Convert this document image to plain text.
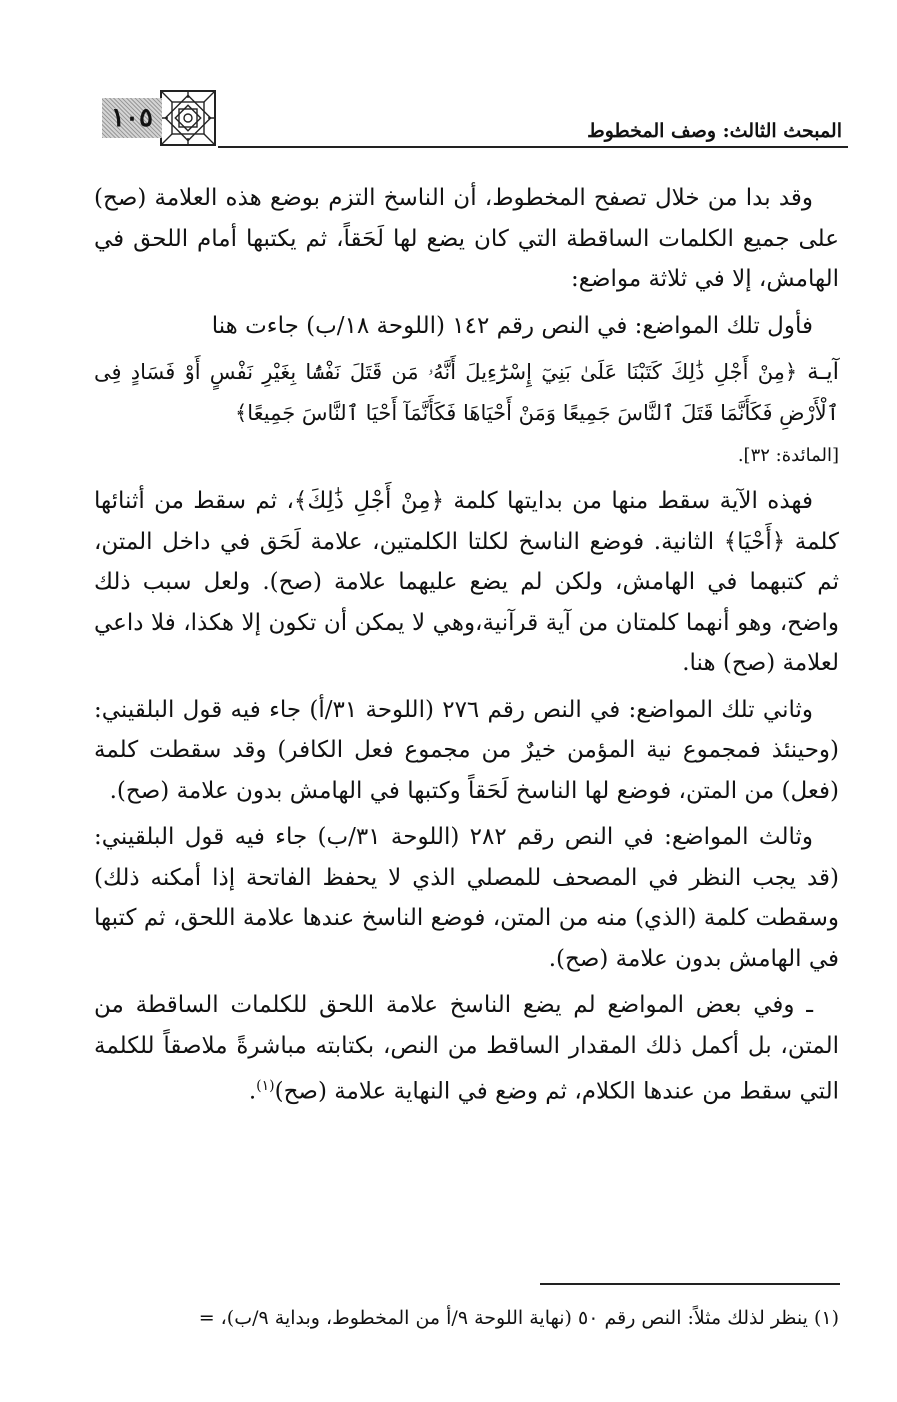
المبحث الثالث: وصف المخطوط
١٠٥

وقد بدا من خلال تصفح المخطوط، أن الناسخ التزم بوضع هذه العلامة (صح) على جميع الكلمات الساقطة التي كان يضع لها لَحَقاً، ثم يكتبها أمام اللحق في الهامش، إلا في ثلاثة مواضع:

فأول تلك المواضع: في النص رقم ١٤٢ (اللوحة ١٨/ب) جاءت هنا

آيـة ﴿مِنْ أَجْلِ ذَٰلِكَ كَتَبْنَا عَلَىٰ بَنِيٓ إِسْرَٰٓءِيلَ أَنَّهُۥ مَن قَتَلَ نَفْسًۢا بِغَيْرِ نَفْسٍ أَوْ فَسَادٍ فِى ٱلْأَرْضِ فَكَأَنَّمَا قَتَلَ ٱلنَّاسَ جَمِيعًا وَمَنْ أَحْيَاهَا فَكَأَنَّمَآ أَحْيَا ٱلنَّاسَ جَمِيعًا﴾

[المائدة: ٣٢].

فهذه الآية سقط منها من بدايتها كلمة ﴿مِنْ أَجْلِ ذَٰلِكَ﴾، ثم سقط من أثنائها كلمة ﴿أَحْيَا﴾ الثانية. فوضع الناسخ لكلتا الكلمتين، علامة لَحَق في داخل المتن، ثم كتبهما في الهامش، ولكن لم يضع عليهما علامة (صح). ولعل سبب ذلك واضح، وهو أنهما كلمتان من آية قرآنية،وهي لا يمكن أن تكون إلا هكذا، فلا داعي لعلامة (صح) هنا.

وثاني تلك المواضع: في النص رقم ٢٧٦ (اللوحة ٣١/أ) جاء فيه قول البلقيني: (وحينئذ فمجموع نية المؤمن خيرٌ من مجموع فعل الكافر) وقد سقطت كلمة (فعل) من المتن، فوضع لها الناسخ لَحَقاً وكتبها في الهامش بدون علامة (صح).

وثالث المواضع: في النص رقم ٢٨٢ (اللوحة ٣١/ب) جاء فيه قول البلقيني: (قد يجب النظر في المصحف للمصلي الذي لا يحفظ الفاتحة إذا أمكنه ذلك) وسقطت كلمة (الذي) منه من المتن، فوضع الناسخ عندها علامة اللحق، ثم كتبها في الهامش بدون علامة (صح).

ـ وفي بعض المواضع لم يضع الناسخ علامة اللحق للكلمات الساقطة من المتن، بل أكمل ذلك المقدار الساقط من النص، بكتابته مباشرةً ملاصقاً للكلمة التي سقط من عندها الكلام، ثم وضع في النهاية علامة (صح)$^{(١)}$.

(١) ينظر لذلك مثلاً: النص رقم ٥٠ (نهاية اللوحة ٩/أ من المخطوط، وبداية ٩/ب)، =
